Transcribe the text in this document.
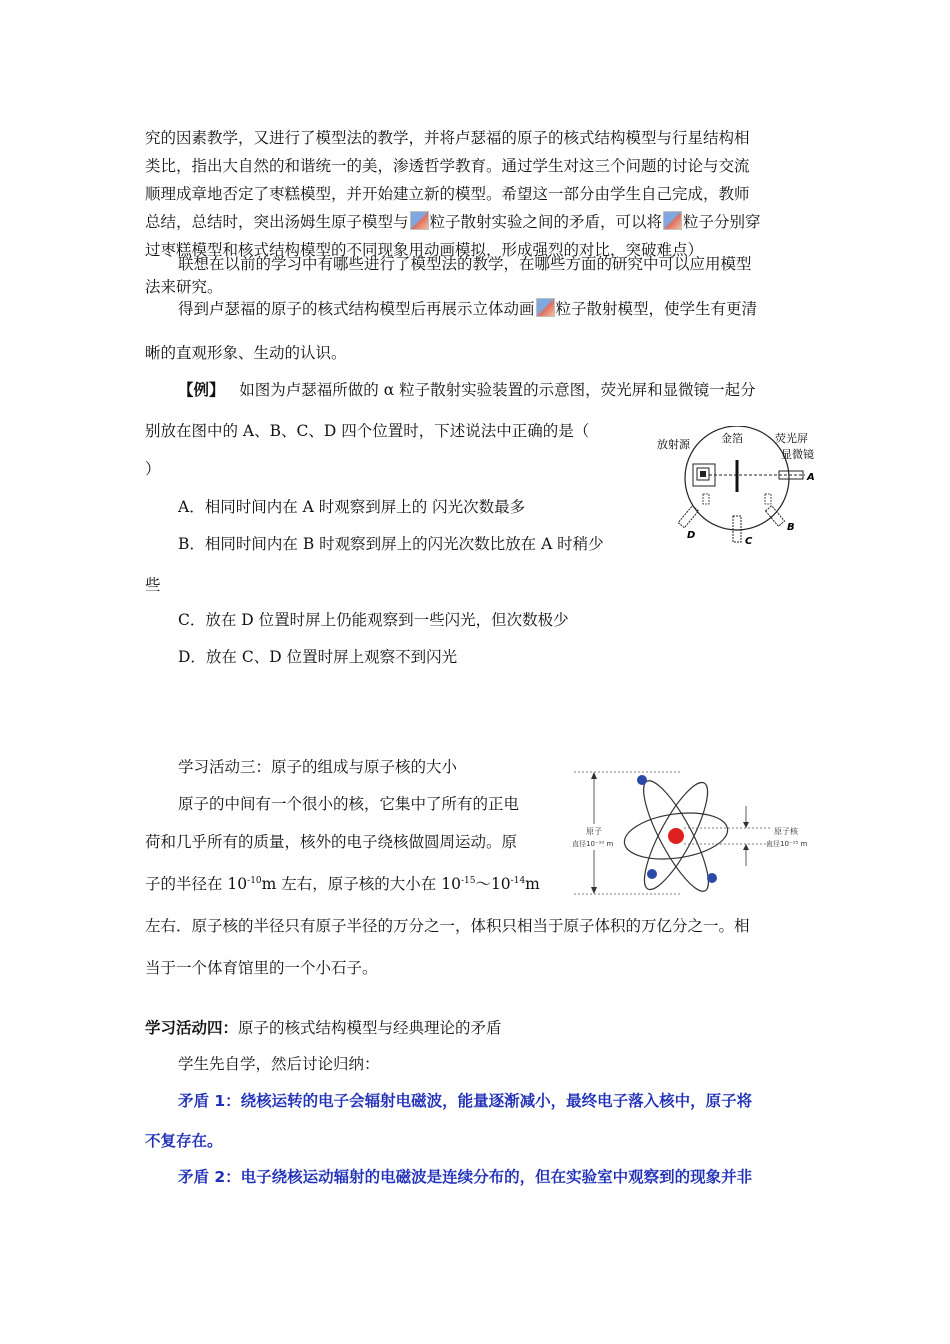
究的因素教学，又进行了模型法的教学，并将卢瑟福的原子的核式结构模型与行星结构相
类比，指出大自然的和谐统一的美，渗透哲学教育。通过学生对这三个问题的讨论与交流
顺理成章地否定了枣糕模型，并开始建立新的模型。希望这一部分由学生自己完成，教师
总结，总结时，突出汤姆生原子模型与 粒子散射实验之间的矛盾，可以将 粒子分别穿
过枣糕模型和核式结构模型的不同现象用动画模拟，形成强烈的对比，突破难点）
联想在以前的学习中有哪些进行了模型法的教学，在哪些方面的研究中可以应用模型
法来研究。
得到卢瑟福的原子的核式结构模型后再展示立体动画 粒子散射模型，使学生有更清
晰的直观形象、生动的认识。
【例】 如图为卢瑟福所做的 α 粒子散射实验装置的示意图，荧光屏和显微镜一起分
别放在图中的 A、B、C、D 四个位置时，下述说法中正确的是（
）
A．相同时间内在 A 时观察到屏上的 闪光次数最多
B．相同时间内在 B 时观察到屏上的闪光次数比放在 A 时稍少
些
C．放在 D 位置时屏上仍能观察到一些闪光，但次数极少
D．放在 C、D 位置时屏上观察不到闪光
放射源	金箔	荧光屏
显微镜
A
B
C
D
学习活动三：原子的组成与原子核的大小
原子的中间有一个很小的核，它集中了所有的正电
荷和几乎所有的质量，核外的电子绕核做圆周运动。原
子的半径在 $10^{-10}m$ 左右，原子核的大小在 $10^{-15}\sim 10^{-14}m$
左右．原子核的半径只有原子半径的万分之一，体积只相当于原子体积的万亿分之一。相
当于一个体育馆里的一个小石子。
原子
直径10⁻¹⁰ m
原子核
直径10⁻¹⁵ m
学习活动四：原子的核式结构模型与经典理论的矛盾
学生先自学，然后讨论归纳：
矛盾 1：绕核运转的电子会辐射电磁波，能量逐渐减小，最终电子落入核中，原子将
不复存在。
矛盾 2：电子绕核运动辐射的电磁波是连续分布的，但在实验室中观察到的现象并非
